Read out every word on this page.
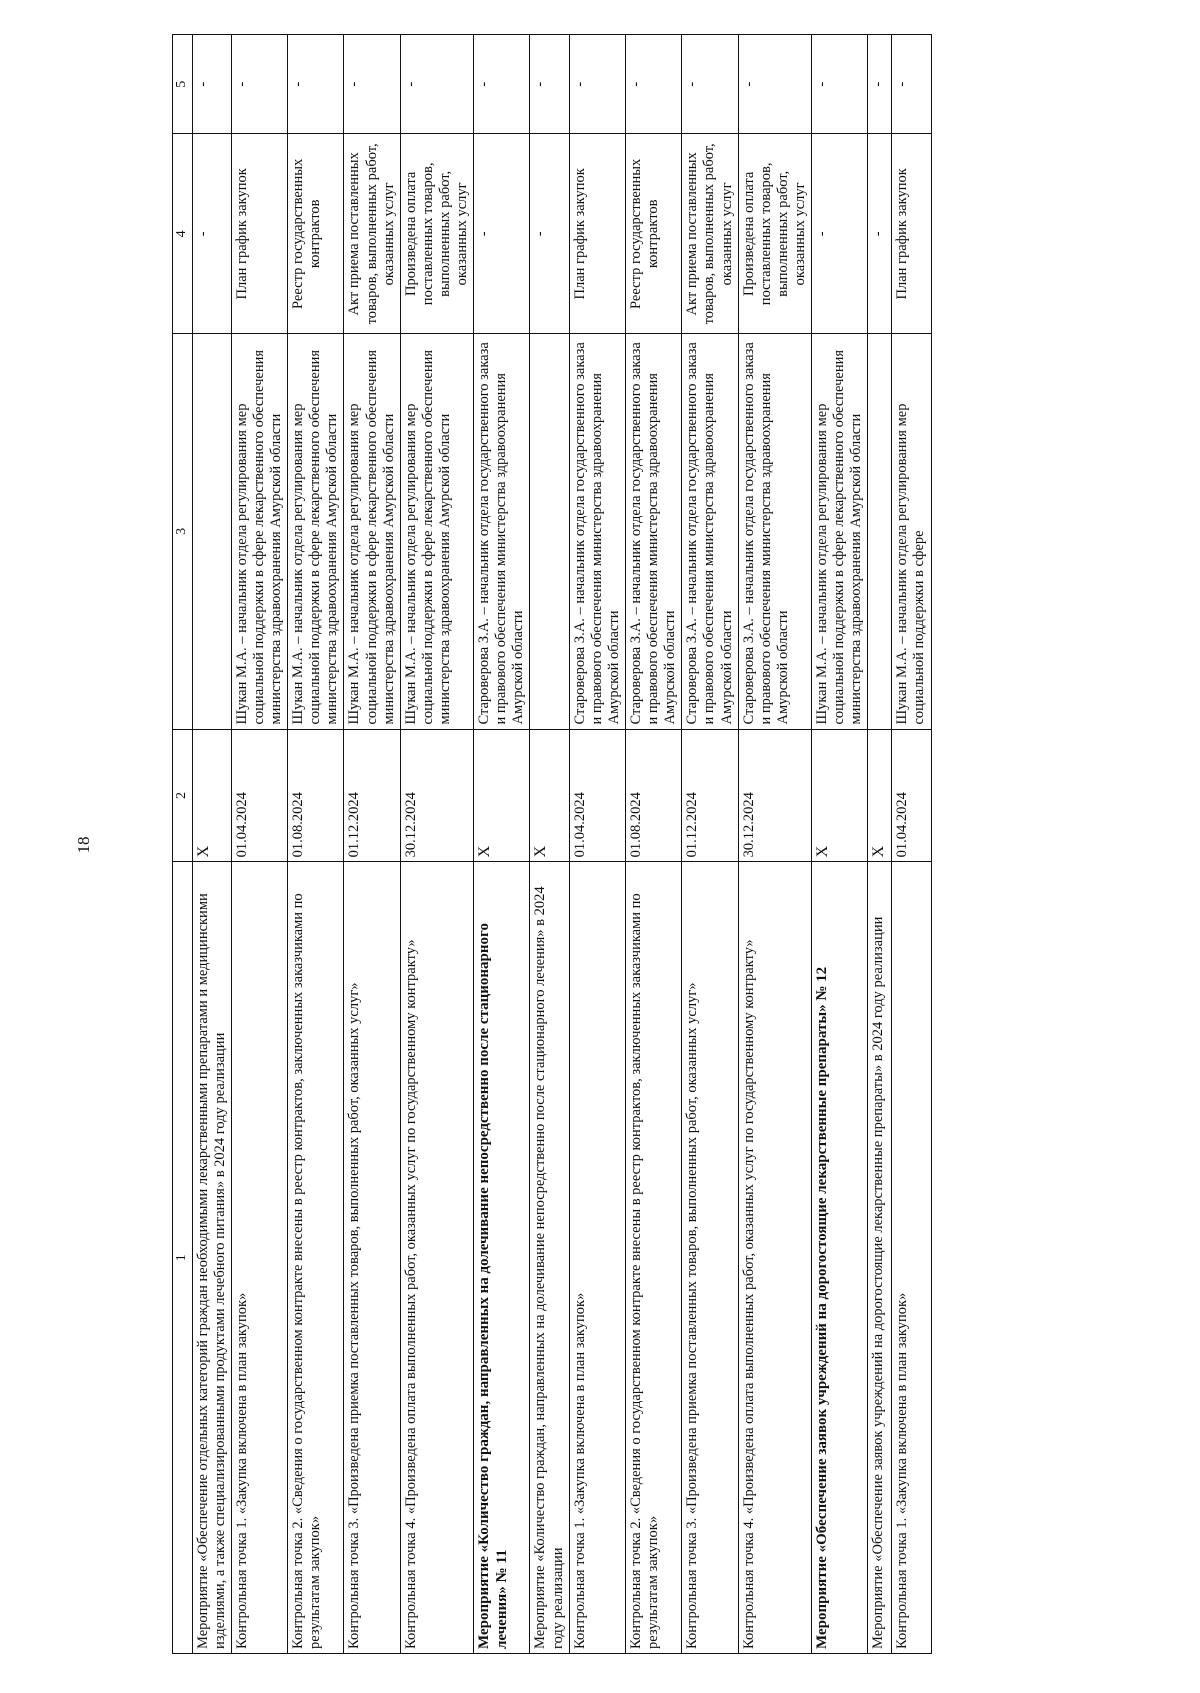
18
1	2	3	4	5
Мероприятие «Обеспечение отдельных категорий граждан необходимыми лекарственными препаратами и медицинскими изделиями, а также специализированными продуктами лечебного питания» в 2024 году реализации	X		-	-
Контрольная точка 1. «Закупка включена в план закупок»	01.04.2024	Шукан М.А. – начальник отдела регулирования мер социальной поддержки в сфере лекарственного обеспечения министерства здравоохранения Амурской области	План график закупок	-
Контрольная точка 2. «Сведения о государственном контракте внесены в реестр контрактов, заключенных заказчиками по результатам закупок»	01.08.2024	Шукан М.А. – начальник отдела регулирования мер социальной поддержки в сфере лекарственного обеспечения министерства здравоохранения Амурской области	Реестр государственных контрактов	-
Контрольная точка 3. «Произведена приемка поставленных товаров, выполненных работ, оказанных услуг»	01.12.2024	Шукан М.А. – начальник отдела регулирования мер социальной поддержки в сфере лекарственного обеспечения министерства здравоохранения Амурской области	Акт приема поставленных товаров, выполненных работ, оказанных услуг	-
Контрольная точка 4. «Произведена оплата выполненных работ, оказанных услуг по государственному контракту»	30.12.2024	Шукан М.А. – начальник отдела регулирования мер социальной поддержки в сфере лекарственного обеспечения министерства здравоохранения Амурской области	Произведена оплата поставленных товаров, выполненных работ, оказанных услуг	-
Мероприятие «Количество граждан, направленных на долечивание непосредственно после стационарного лечения» № 11	X	Староверова З.А. – начальник отдела государственного заказа и правового обеспечения министерства здравоохранения Амурской области	-	-
Мероприятие «Количество граждан, направленных на долечивание непосредственно после стационарного лечения» в 2024 году реализации	X		-	-
Контрольная точка 1. «Закупка включена в план закупок»	01.04.2024	Староверова З.А. – начальник отдела государственного заказа и правового обеспечения министерства здравоохранения Амурской области	План график закупок	-
Контрольная точка 2. «Сведения о государственном контракте внесены в реестр контрактов, заключенных заказчиками по результатам закупок»	01.08.2024	Староверова З.А. – начальник отдела государственного заказа и правового обеспечения министерства здравоохранения Амурской области	Реестр государственных контрактов	-
Контрольная точка 3. «Произведена приемка поставленных товаров, выполненных работ, оказанных услуг»	01.12.2024	Староверова З.А. – начальник отдела государственного заказа и правового обеспечения министерства здравоохранения Амурской области	Акт приема поставленных товаров, выполненных работ, оказанных услуг	-
Контрольная точка 4. «Произведена оплата выполненных работ, оказанных услуг по государственному контракту»	30.12.2024	Староверова З.А. – начальник отдела государственного заказа и правового обеспечения министерства здравоохранения Амурской области	Произведена оплата поставленных товаров, выполненных работ, оказанных услуг	-
Мероприятие «Обеспечение заявок учреждений на дорогостоящие лекарственные препараты» № 12	X	Шукан М.А. – начальник отдела регулирования мер социальной поддержки в сфере лекарственного обеспечения министерства здравоохранения Амурской области	-	-
Мероприятие «Обеспечение заявок учреждений на дорогостоящие лекарственные препараты» в 2024 году реализации	X		-	-
Контрольная точка 1. «Закупка включена в план закупок»	01.04.2024	Шукан М.А. – начальник отдела регулирования мер социальной поддержки в сфере	План график закупок	-
